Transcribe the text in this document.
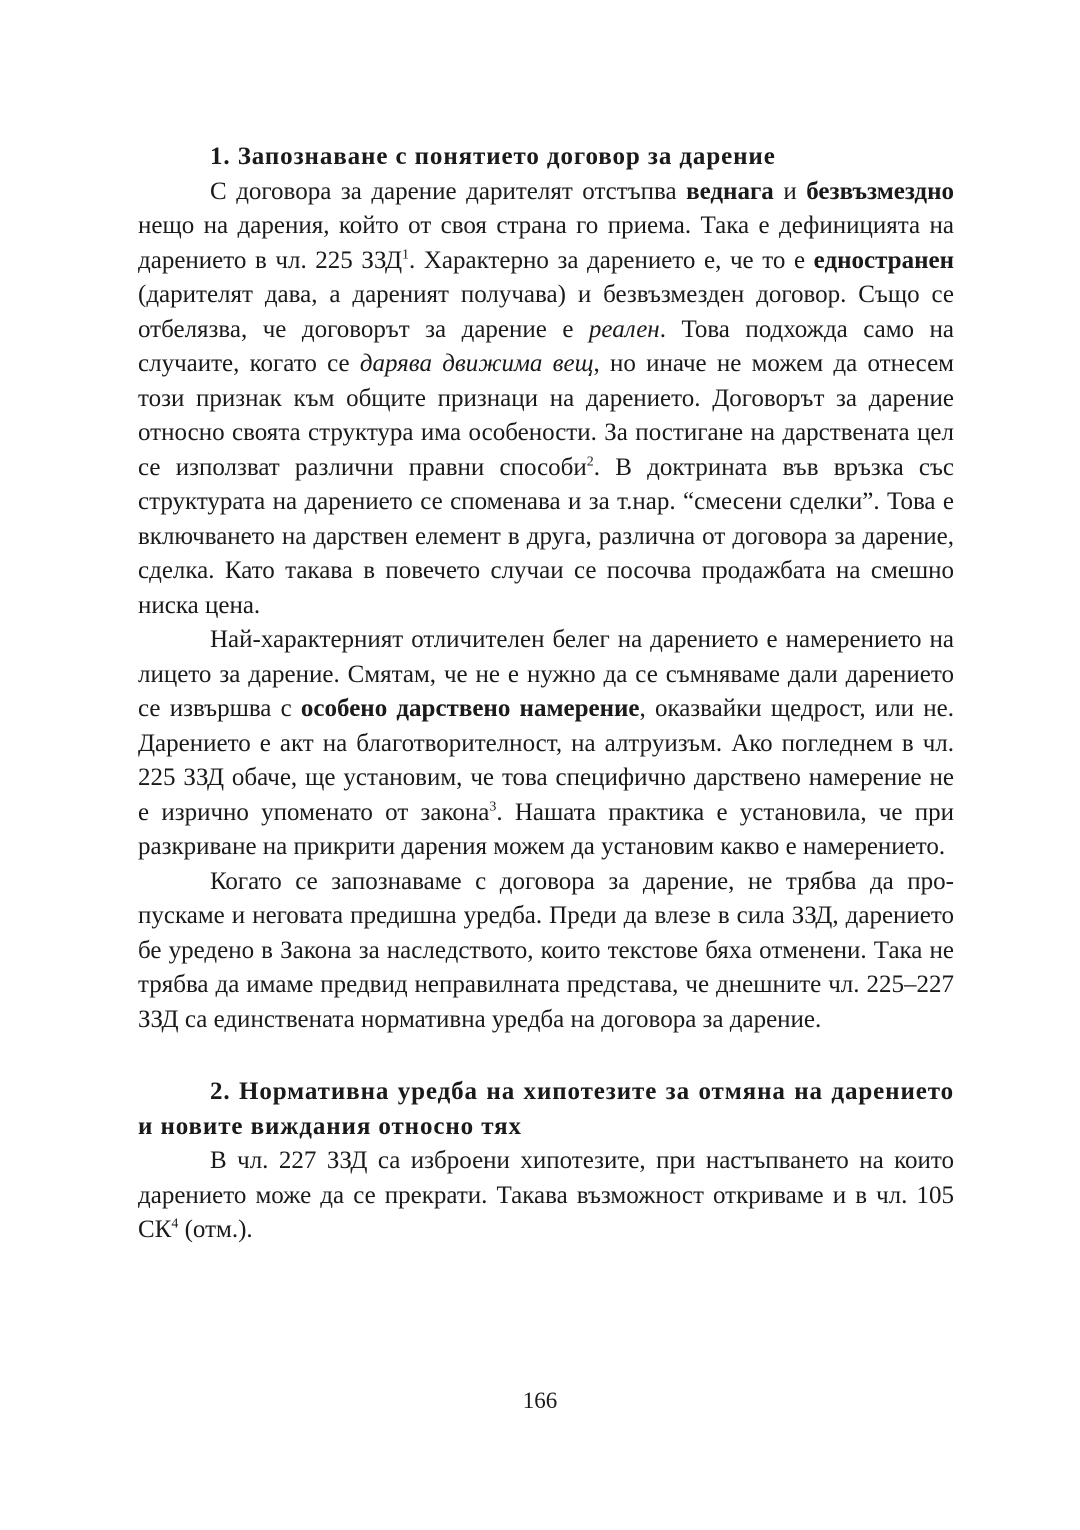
1. Запознаване с понятието договор за дарение

С договора за дарение дарителят отстъпва веднага и безвъзмездно нещо на дарения, който от своя страна го приема. Така е дефиницията на дарението в чл. 225 ЗЗД$^1$. Характерно за дарението е, че то е едностранен (дарителят дава, а дареният получава) и безвъзмезден договор. Също се отбелязва, че договорът за дарение е реален. Това подхожда само на случаите, когато се дарява движима вещ, но иначе не можем да отнесем този признак към общите признаци на дарението. Договорът за дарение относно своята структура има особености. За постигане на дарствената цел се използват различни правни способи$^2$. В доктрината във връзка със структурата на дарението се споменава и за т.нар. “смесени сделки”. Това е включването на дарствен елемент в друга, различна от договора за дарение, сделка. Като такава в повечето случаи се посочва продажбата на смешно ниска цена.

Най-характерният отличителен белег на дарението е намерението на лицето за дарение. Смятам, че не е нужно да се съмняваме дали дарението се извършва с особено дарствено намерение, оказвайки щедрост, или не. Дарението е акт на благотворителност, на алтруизъм. Ако погледнем в чл. 225 ЗЗД обаче, ще установим, че това специфично дарствено намерение не е изрично упоменато от закона$^3$. Нашата практика е установила, че при разкриване на прикрити дарения можем да установим какво е намерението.

Когато се запознаваме с договора за дарение, не трябва да пропускаме и неговата предишна уредба. Преди да влезе в сила ЗЗД, дарението бе уредено в Закона за наследството, които текстове бяха отменени. Така не трябва да имаме предвид неправилната представа, че днешните чл. 225–227 ЗЗД са единствената нормативна уредба на договора за дарение.

2. Нормативна уредба на хипотезите за отмяна на дарението и новите виждания относно тях

В чл. 227 ЗЗД са изброени хипотезите, при настъпването на които дарението може да се прекрати. Такава възможност откриваме и в чл. 105 $СК^4$ (отм.).

166
